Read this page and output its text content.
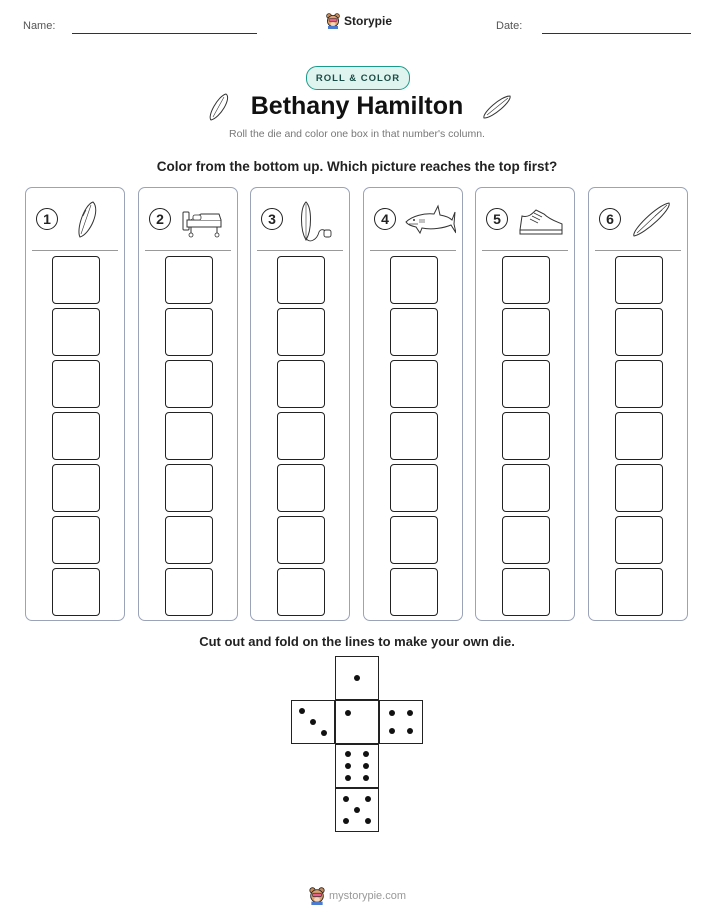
Name:	Storypie	Date:
ROLL & COLOR
Bethany Hamilton
Roll the die and color one box in that number's column.
Color from the bottom up. Which picture reaches the top first?
1	2	3	4	5	6
Cut out and fold on the lines to make your own die.
mystorypie.com
